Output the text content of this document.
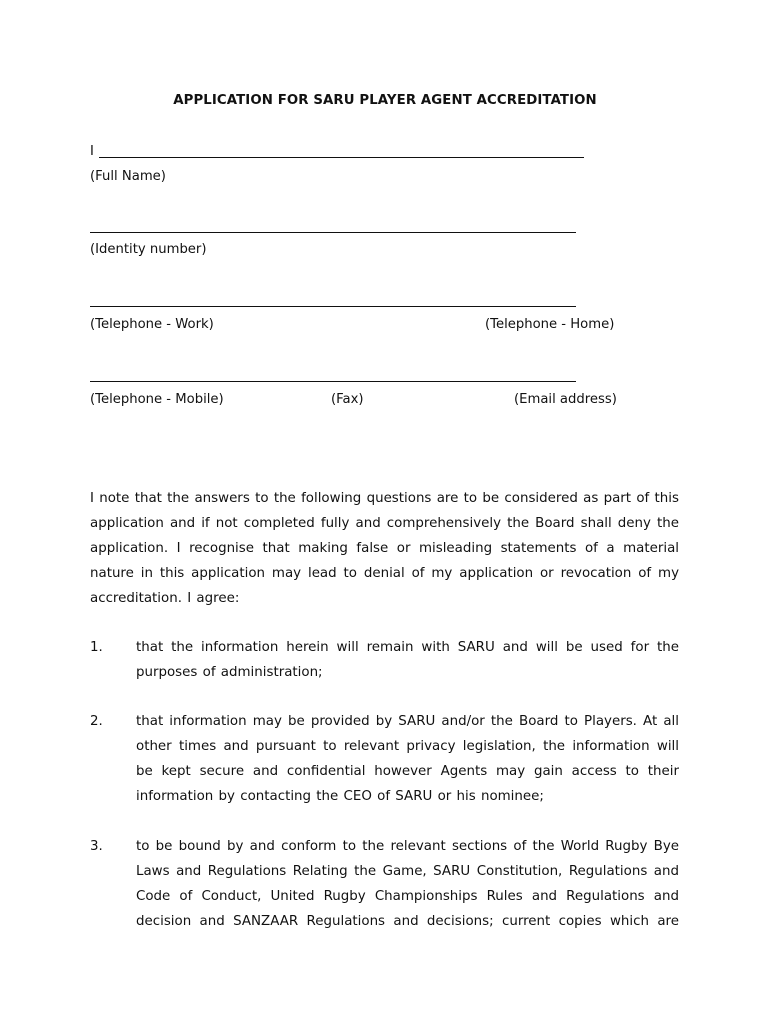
APPLICATION FOR SARU PLAYER AGENT ACCREDITATION
I
(Full Name)
(Identity number)
(Telephone - Work)	(Telephone - Home)
(Telephone - Mobile)	(Fax)	(Email address)
I note that the answers to the following questions are to be considered as part of this application and if not completed fully and comprehensively the Board shall deny the application. I recognise that making false or misleading statements of a material nature in this application may lead to denial of my application or revocation of my accreditation. I agree:
1. that the information herein will remain with SARU and will be used for the purposes of administration;
2. that information may be provided by SARU and/or the Board to Players. At all other times and pursuant to relevant privacy legislation, the information will be kept secure and confidential however Agents may gain access to their information by contacting the CEO of SARU or his nominee;
3. to be bound by and conform to the relevant sections of the World Rugby Bye Laws and Regulations Relating the Game, SARU Constitution, Regulations and Code of Conduct, United Rugby Championships Rules and Regulations and decision and SANZAAR Regulations and decisions; current copies which are
